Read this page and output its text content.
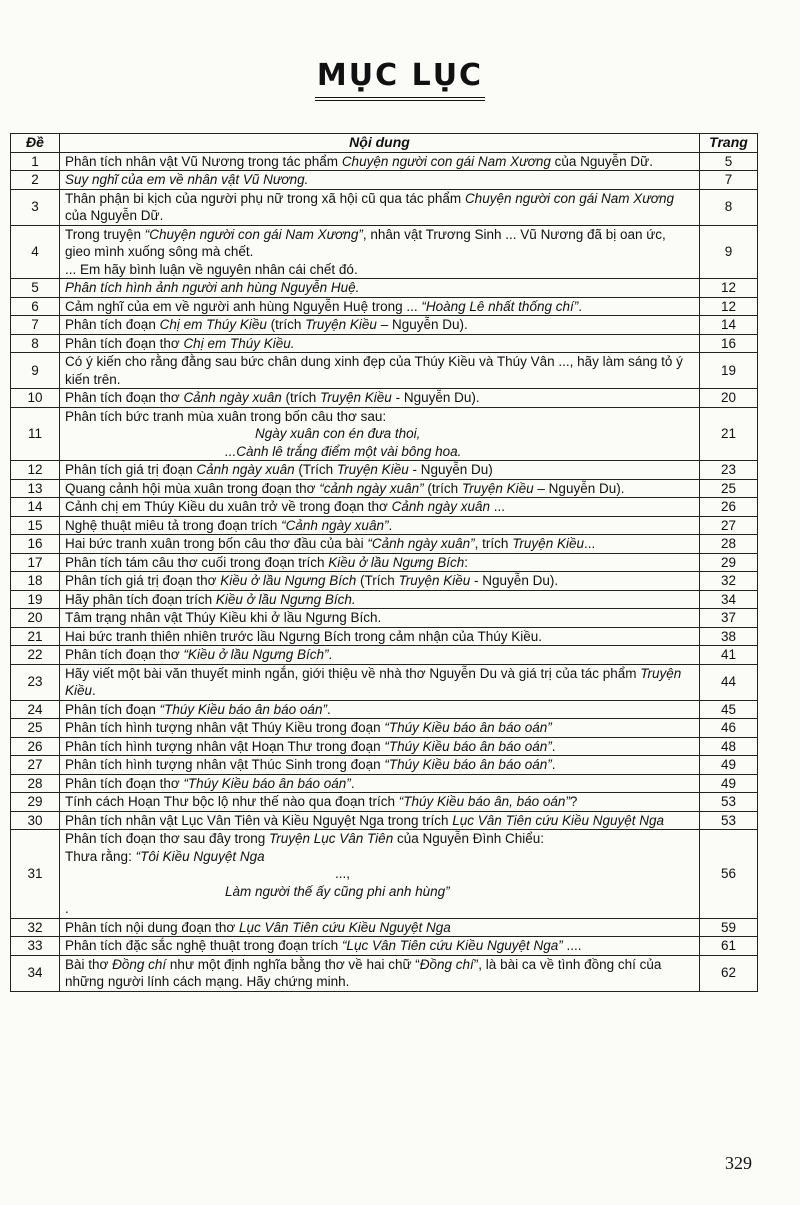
MỤC LỤC
Đề	Nội dung	Trang
1	Phân tích nhân vật Vũ Nương trong tác phẩm Chuyện người con gái Nam Xương của Nguyễn Dữ.	5
2	Suy nghĩ của em về nhân vật Vũ Nương.	7
3	Thân phận bi kịch của người phụ nữ trong xã hội cũ qua tác phẩm Chuyện người con gái Nam Xương của Nguyễn Dữ.	8
4	Trong truyện “Chuyện người con gái Nam Xương”, nhân vật Trương Sinh ... Vũ Nương đã bị oan ức, gieo mình xuống sông mà chết.
... Em hãy bình luận về nguyên nhân cái chết đó.	9
5	Phân tích hình ảnh người anh hùng Nguyễn Huệ.	12
6	Cảm nghĩ của em về người anh hùng Nguyễn Huệ trong ... “Hoàng Lê nhất thống chí”.	12
7	Phân tích đoạn Chị em Thúy Kiều (trích Truyện Kiều – Nguyễn Du).	14
8	Phân tích đoạn thơ Chị em Thúy Kiều.	16
9	Có ý kiến cho rằng đằng sau bức chân dung xinh đẹp của Thúy Kiều và Thúy Vân ..., hãy làm sáng tỏ ý kiến trên.	19
10	Phân tích đoạn thơ Cảnh ngày xuân (trích Truyện Kiều - Nguyễn Du).	20
11	Phân tích bức tranh mùa xuân trong bốn câu thơ sau:
Ngày xuân con én đưa thoi,
...Cành lê trắng điểm một vài bông hoa.	21
12	Phân tích giá trị đoạn Cảnh ngày xuân (Trích Truyện Kiều - Nguyễn Du)	23
13	Quang cảnh hội mùa xuân trong đoạn thơ “cảnh ngày xuân” (trích Truyện Kiều – Nguyễn Du).	25
14	Cảnh chị em Thúy Kiều du xuân trở về trong đoạn thơ Cảnh ngày xuân ...	26
15	Nghệ thuật miêu tả trong đoạn trích “Cảnh ngày xuân”.	27
16	Hai bức tranh xuân trong bốn câu thơ đầu của bài “Cảnh ngày xuân”, trích Truyện Kiều...	28
17	Phân tích tám câu thơ cuối trong đoạn trích Kiều ở lầu Ngưng Bích:	29
18	Phân tích giá trị đoạn thơ Kiều ở lầu Ngưng Bích (Trích Truyện Kiều - Nguyễn Du).	32
19	Hãy phân tích đoạn trích Kiều ở lầu Ngưng Bích.	34
20	Tâm trạng nhân vật Thúy Kiều khi ở lầu Ngưng Bích.	37
21	Hai bức tranh thiên nhiên trước lầu Ngưng Bích trong cảm nhận của Thúy Kiều.	38
22	Phân tích đoạn thơ “Kiều ở lầu Ngưng Bích”.	41
23	Hãy viết một bài văn thuyết minh ngắn, giới thiệu về nhà thơ Nguyễn Du và giá trị của tác phẩm Truyện Kiều.	44
24	Phân tích đoạn “Thúy Kiều báo ân báo oán”.	45
25	Phân tích hình tượng nhân vật Thúy Kiều trong đoạn “Thúy Kiều báo ân báo oán”	46
26	Phân tích hình tượng nhân vật Hoạn Thư trong đoạn “Thúy Kiều báo ân báo oán”.	48
27	Phân tích hình tượng nhân vật Thúc Sinh trong đoạn “Thúy Kiều báo ân báo oán”.	49
28	Phân tích đoạn thơ “Thúy Kiều báo ân báo oán”.	49
29	Tính cách Hoạn Thư bộc lộ như thế nào qua đoạn trích “Thúy Kiều báo ân, báo oán”?	53
30	Phân tích nhân vật Lục Vân Tiên và Kiều Nguyệt Nga trong trích Lục Vân Tiên cứu Kiều Nguyệt Nga	53
31	Phân tích đoạn thơ sau đây trong Truyện Lục Vân Tiên của Nguyễn Đình Chiểu:
Thưa rằng: “Tôi Kiều Nguyệt Nga
...,
Làm người thế ấy cũng phi anh hùng”
.	56
32	Phân tích nội dung đoạn thơ Lục Vân Tiên cứu Kiều Nguyệt Nga	59
33	Phân tích đặc sắc nghệ thuật trong đoạn trích “Lục Vân Tiên cứu Kiều Nguyệt Nga” ....	61
34	Bài thơ Đồng chí như một định nghĩa bằng thơ về hai chữ “Đồng chí”, là bài ca về tình đồng chí của những người lính cách mạng. Hãy chứng minh.	62
329
